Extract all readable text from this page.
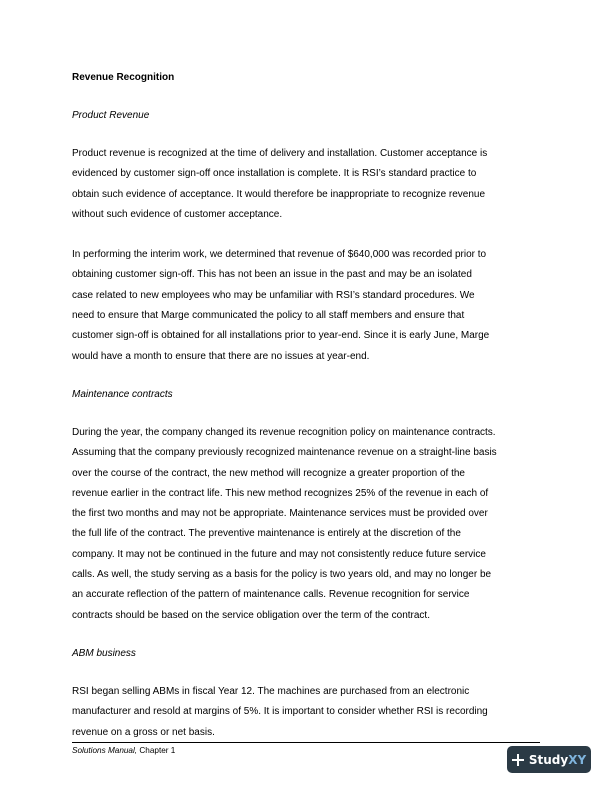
Revenue Recognition
Product Revenue

Product revenue is recognized at the time of delivery and installation. Customer acceptance is
evidenced by customer sign-off once installation is complete. It is RSI’s standard practice to
obtain such evidence of acceptance. It would therefore be inappropriate to recognize revenue
without such evidence of customer acceptance.

In performing the interim work, we determined that revenue of $640,000 was recorded prior to
obtaining customer sign-off. This has not been an issue in the past and may be an isolated
case related to new employees who may be unfamiliar with RSI’s standard procedures. We
need to ensure that Marge communicated the policy to all staff members and ensure that
customer sign-off is obtained for all installations prior to year-end. Since it is early June, Marge
would have a month to ensure that there are no issues at year-end.

Maintenance contracts

During the year, the company changed its revenue recognition policy on maintenance contracts.
Assuming that the company previously recognized maintenance revenue on a straight-line basis
over the course of the contract, the new method will recognize a greater proportion of the
revenue earlier in the contract life. This new method recognizes 25% of the revenue in each of
the first two months and may not be appropriate. Maintenance services must be provided over
the full life of the contract. The preventive maintenance is entirely at the discretion of the
company. It may not be continued in the future and may not consistently reduce future service
calls. As well, the study serving as a basis for the policy is two years old, and may no longer be
an accurate reflection of the pattern of maintenance calls. Revenue recognition for service
contracts should be based on the service obligation over the term of the contract.

ABM business

RSI began selling ABMs in fiscal Year 12. The machines are purchased from an electronic
manufacturer and resold at margins of 5%. It is important to consider whether RSI is recording
revenue on a gross or net basis.

Solutions Manual, Chapter 1
Study XY
